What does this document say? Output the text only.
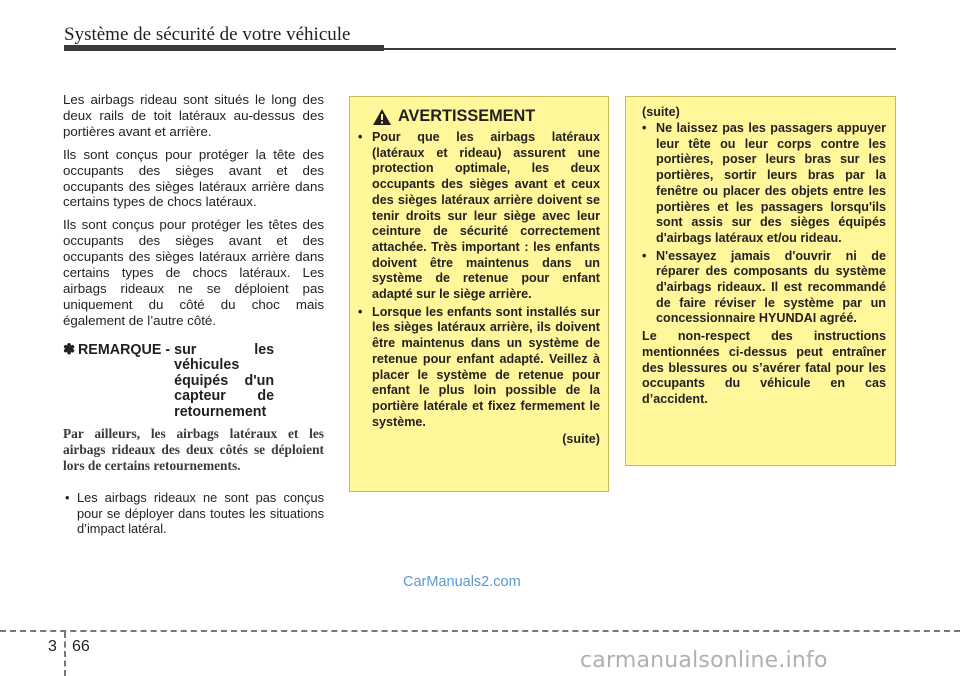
Système de sécurité de votre véhicule

Les airbags rideau sont situés le long des deux rails de toit latéraux au-dessus des portières avant et arrière.

Ils sont conçus pour protéger la tête des occupants des sièges avant et des occupants des sièges latéraux arrière dans certains types de chocs latéraux.

Ils sont conçus pour protéger les têtes des occupants des sièges avant et des occupants des sièges latéraux arrière dans certains types de chocs latéraux. Les airbags rideaux ne se déploient pas uniquement du côté du choc mais également de l’autre côté.

✽ REMARQUE - sur les véhicules équipés d'un capteur de retournement
Par ailleurs, les airbags latéraux et les airbags rideaux des deux côtés se déploient lors de certains retournements.
• Les airbags rideaux ne sont pas conçus pour se déployer dans toutes les situations d’impact latéral.
AVERTISSEMENT
• Pour que les airbags latéraux (latéraux et rideau) assurent une protection optimale, les deux occupants des sièges avant et ceux des sièges latéraux arrière doivent se tenir droits sur leur siège avec leur ceinture de sécurité correctement attachée. Très important : les enfants doivent être maintenus dans un système de retenue pour enfant adapté sur le siège arrière.
• Lorsque les enfants sont installés sur les sièges latéraux arrière, ils doivent être maintenus dans un système de retenue pour enfant adapté. Veillez à placer le système de retenue pour enfant le plus loin possible de la portière latérale et fixez fermement le système.
(suite)
(suite)
• Ne laissez pas les passagers appuyer leur tête ou leur corps contre les portières, poser leurs bras sur les portières, sortir leurs bras par la fenêtre ou placer des objets entre les portières et les passagers lorsqu'ils sont assis sur des sièges équipés d'airbags latéraux et/ou rideau.
• N'essayez jamais d'ouvrir ni de réparer des composants du système d'airbags rideaux. Il est recommandé de faire réviser le système par un concessionnaire HYUNDAI agréé.

Le non-respect des instructions mentionnées ci-dessus peut entraîner des blessures ou s’avérer fatal pour les occupants du véhicule en cas d’accident.

CarManuals2.com
3 66
carmanualsonline.info
